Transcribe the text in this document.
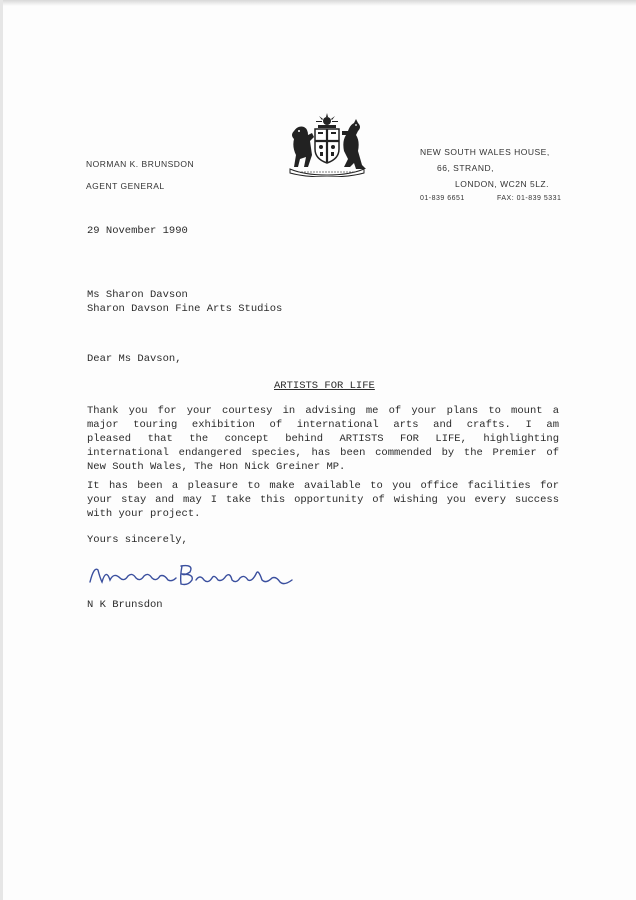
NORMAN K. BRUNSDON
AGENT GENERAL
NEW SOUTH WALES HOUSE,
66, STRAND,
LONDON, WC2N 5LZ.
01-839 6651	FAX: 01-839 5331
29 November 1990
Ms Sharon Davson
Sharon Davson Fine Arts Studios
Dear Ms Davson,
ARTISTS FOR LIFE
Thank you for your courtesy in advising me of your plans to mount a
major touring exhibition of international arts and crafts. I am
pleased that the concept behind ARTISTS FOR LIFE, highlighting
international endangered species, has been commended by the Premier of
New South Wales, The Hon Nick Greiner MP.
It has been a pleasure to make available to you office facilities for
your stay and may I take this opportunity of wishing you every success
with your project.
Yours sincerely,
N K Brunsdon
